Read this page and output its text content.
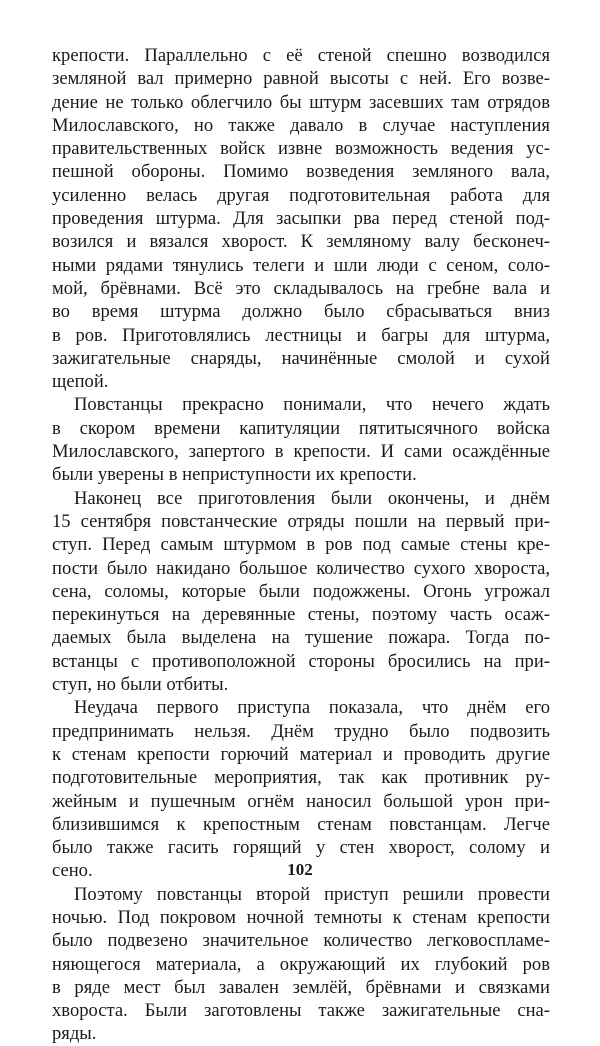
крепости. Параллельно с её стеной спешно возводился
земляной вал примерно равной высоты с ней. Его возве-
дение не только облегчило бы штурм засевших там отрядов
Милославского, но также давало в случае наступления
правительственных войск извне возможность ведения ус-
пешной обороны. Помимо возведения земляного вала,
усиленно велась другая подготовительная работа для
проведения штурма. Для засыпки рва перед стеной под-
возился и вязался хворост. К земляному валу бесконеч-
ными рядами тянулись телеги и шли люди с сеном, соло-
мой, брёвнами. Всё это складывалось на гребне вала и
во время штурма должно было сбрасываться вниз
в ров. Приготовлялись лестницы и багры для штурма,
зажигательные снаряды, начинённые смолой и сухой
щепой.
Повстанцы прекрасно понимали, что нечего ждать
в скором времени капитуляции пятитысячного войска
Милославского, запертого в крепости. И сами осаждённые
были уверены в неприступности их крепости.
Наконец все приготовления были окончены, и днём
15 сентября повстанческие отряды пошли на первый при-
ступ. Перед самым штурмом в ров под самые стены кре-
пости было накидано большое количество сухого хвороста,
сена, соломы, которые были подожжены. Огонь угрожал
перекинуться на деревянные стены, поэтому часть осаж-
даемых была выделена на тушение пожара. Тогда по-
встанцы с противоположной стороны бросились на при-
ступ, но были отбиты.
Неудача первого приступа показала, что днём его
предпринимать нельзя. Днём трудно было подвозить
к стенам крепости горючий материал и проводить другие
подготовительные мероприятия, так как противник ру-
жейным и пушечным огнём наносил большой урон при-
близившимся к крепостным стенам повстанцам. Легче
было также гасить горящий у стен хворост, солому и
сено.
Поэтому повстанцы второй приступ решили провести
ночью. Под покровом ночной темноты к стенам крепости
было подвезено значительное количество легковоспламе-
няющегося материала, а окружающий их глубокий ров
в ряде мест был завален землёй, брёвнами и связками
хвороста. Были заготовлены также зажигательные сна-
ряды.
102
